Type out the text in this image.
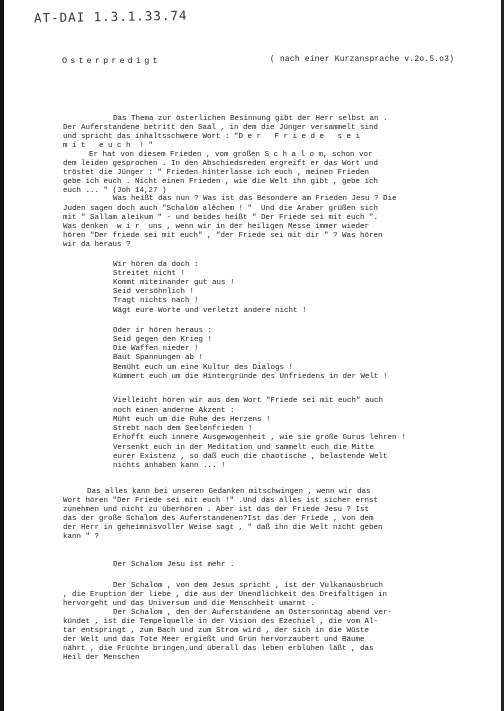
AT-DAI 1.3.1.33.74
Osterpredigt	( nach einer Kurzansprache v.2o.5.o3)
Das Thema zur österlichen Besinnung gibt der Herr selbst an .
Der Auferstandene betritt den Saal , in dem die Jünger versammelt sind
und spricht das inhaltsschwere Wort : "D e r   F r i e d e   s e i
m i t   e u c h  ! "
Er hat von diesem Frieden , vom großen S c h a l o m, schon vor
dem leiden gesprochen . In den Abschiedsreden ergreift er das Wort und
tröstet die Jünger : " Frieden hinterlasse ich euch , meinen Frieden
gebe ich euch . Nicht einen Frieden , wie die Welt ihn gibt , gebe ich
euch ... " (Joh 14,27 )
Was heißt das nun ? Was ist das Besondere am Frieden Jesu ? Die
Juden sagen doch auch "Schalöm alêchem ! "  Und die Araber grüßen sich
mit " Sallam aleikum " - und beides heißt " Der Friede sei mit euch ".
Was denken  w i r  uns , wenn wir in der heiligen Messe immer wieder
hören "Der friede sei mit euch" , "der Friede sei mit dir " ? Was hören
wir da heraus ?
Wir hören da doch :
Streitet nicht !
Kommt miteinander gut aus !
Seid versöhnlich !
Tragt nichts nach !
Wägt eure Worte und verletzt andere nicht !
Oder ir hören heraus :
Seid gegen den Krieg !
Die Waffen nieder !
Baut Spannungen ab !
Bemüht euch um eine Kultur des Dialogs !
Kümmert euch um die Hintergründe des Unfriedens in der Welt !
Vielleicht hören wir aus dem Wort "Friede sei mit euch" auch
noch einen anderne Akzent :
Müht euch um die Ruhe des Herzens !
Strebt nach dem Seelenfrieden !
Erhofft euch innere Ausgewogenheit , wie sie große Gurus lehren !
Versenkt euch in der Meditation und sammelt euch die Mitte
eurer Existenz , so daß euch die chaotische , belastende Welt
nichts anhaben kann ... !
Das alles kann bei unseren Gedanken mitschwingen , wenn wir das
Wort hören "Der Friede sei mit euch !" .Und das alles ist sicher ernst
zunehmen und nicht zu überhören . Aber ist das der Friede Jesu ? Ist
das der große Schalom des Auferstandenen?Ist das der Friede , von dem
der Herr in geheimnisvoller Weise sagt , " daß ihn die Welt nicht geben
kann " ?
Der Schalom Jesu ist mehr .
Der Schalom , von dem Jesus spricht , ist der Vulkanausbruch
, die Eruption der liebe , die aus der Unendlichkeit des Dreifaltigen in
hervorgeht und das Universum und die Menschheit umarmt .
Der Schalom , den der Auferstandene am Ostersonntag abend ver-
kündet , ist die Tempelquelle in der Vision des Ezechiel , die vom Al-
tar entspringt , zum Bach und zum Strom wird , der sich in die Wüste
der Welt und das Tote Meer ergießt und Grün hervorzaubert und Bäume
nährt , die Früchte bringen,und überall das leben erblühen läßt , das
Heil der Menschen
